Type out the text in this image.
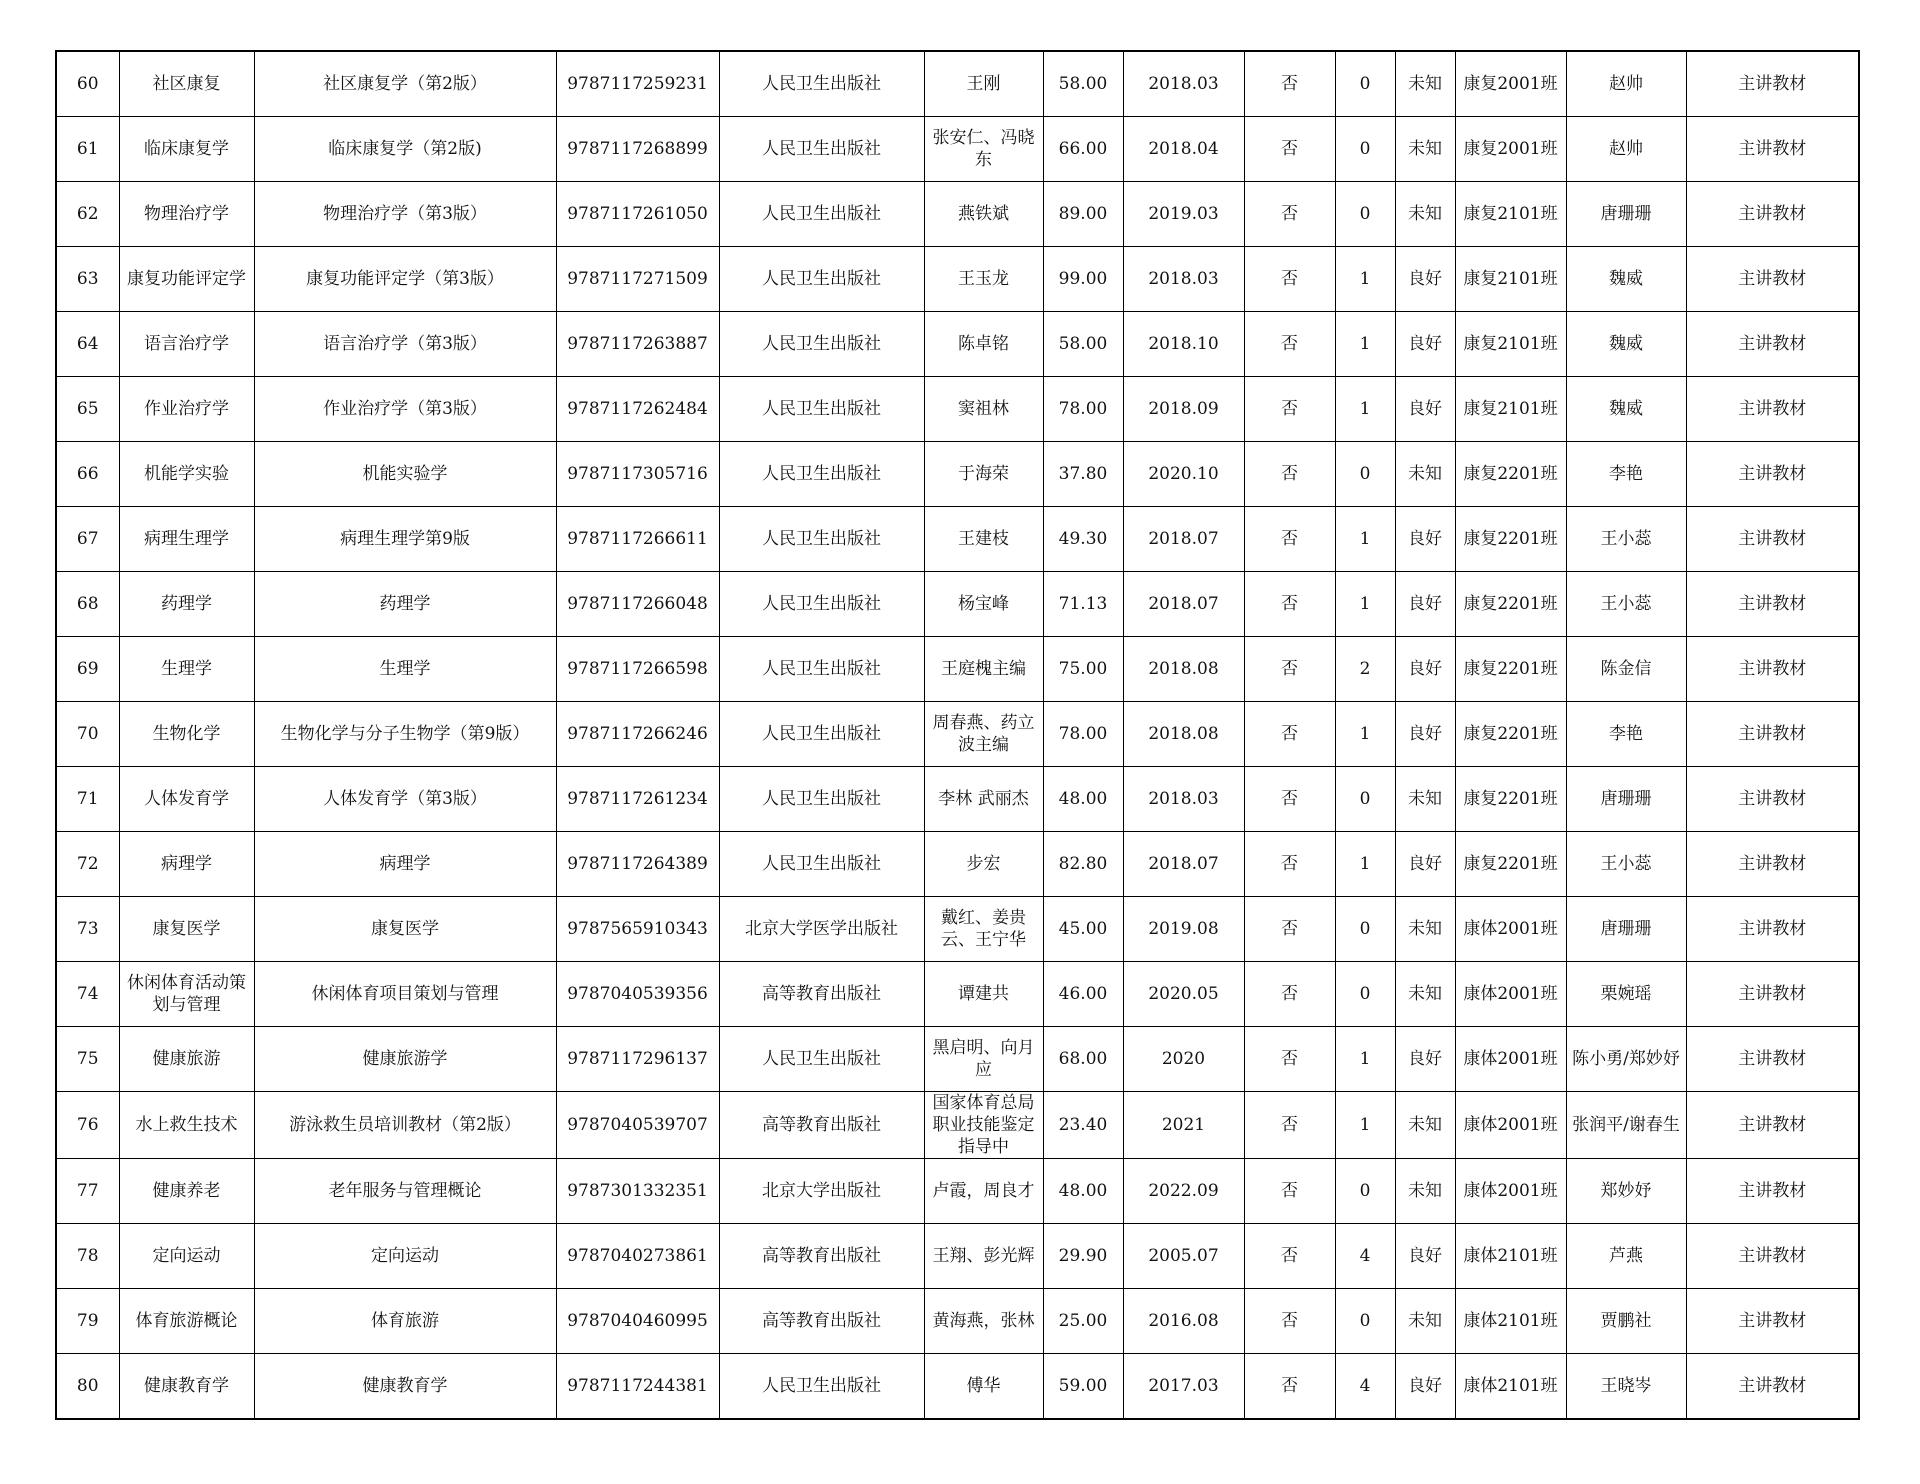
60	社区康复	社区康复学（第2版）	9787117259231	人民卫生出版社	王刚	58.00	2018.03	否	0	未知	康复2001班	赵帅	主讲教材
61	临床康复学	临床康复学（第2版)	9787117268899	人民卫生出版社	张安仁、冯晓东	66.00	2018.04	否	0	未知	康复2001班	赵帅	主讲教材
62	物理治疗学	物理治疗学（第3版）	9787117261050	人民卫生出版社	燕铁斌	89.00	2019.03	否	0	未知	康复2101班	唐珊珊	主讲教材
63	康复功能评定学	康复功能评定学（第3版）	9787117271509	人民卫生出版社	王玉龙	99.00	2018.03	否	1	良好	康复2101班	魏威	主讲教材
64	语言治疗学	语言治疗学（第3版）	9787117263887	人民卫生出版社	陈卓铭	58.00	2018.10	否	1	良好	康复2101班	魏威	主讲教材
65	作业治疗学	作业治疗学（第3版）	9787117262484	人民卫生出版社	窦祖林	78.00	2018.09	否	1	良好	康复2101班	魏威	主讲教材
66	机能学实验	机能实验学	9787117305716	人民卫生出版社	于海荣	37.80	2020.10	否	0	未知	康复2201班	李艳	主讲教材
67	病理生理学	病理生理学第9版	9787117266611	人民卫生出版社	王建枝	49.30	2018.07	否	1	良好	康复2201班	王小蕊	主讲教材
68	药理学	药理学	9787117266048	人民卫生出版社	杨宝峰	71.13	2018.07	否	1	良好	康复2201班	王小蕊	主讲教材
69	生理学	生理学	9787117266598	人民卫生出版社	王庭槐主编	75.00	2018.08	否	2	良好	康复2201班	陈金信	主讲教材
70	生物化学	生物化学与分子生物学（第9版）	9787117266246	人民卫生出版社	周春燕、药立波主编	78.00	2018.08	否	1	良好	康复2201班	李艳	主讲教材
71	人体发育学	人体发育学（第3版）	9787117261234	人民卫生出版社	李林 武丽杰	48.00	2018.03	否	0	未知	康复2201班	唐珊珊	主讲教材
72	病理学	病理学	9787117264389	人民卫生出版社	步宏	82.80	2018.07	否	1	良好	康复2201班	王小蕊	主讲教材
73	康复医学	康复医学	9787565910343	北京大学医学出版社	戴红、姜贵云、王宁华	45.00	2019.08	否	0	未知	康体2001班	唐珊珊	主讲教材
74	休闲体育活动策划与管理	休闲体育项目策划与管理	9787040539356	高等教育出版社	谭建共	46.00	2020.05	否	0	未知	康体2001班	栗婉瑶	主讲教材
75	健康旅游	健康旅游学	9787117296137	人民卫生出版社	黑启明、向月应	68.00	2020	否	1	良好	康体2001班	陈小勇/郑妙妤	主讲教材
76	水上救生技术	游泳救生员培训教材（第2版）	9787040539707	高等教育出版社	国家体育总局职业技能鉴定指导中	23.40	2021	否	1	未知	康体2001班	张润平/谢春生	主讲教材
77	健康养老	老年服务与管理概论	9787301332351	北京大学出版社	卢霞，周良才	48.00	2022.09	否	0	未知	康体2001班	郑妙妤	主讲教材
78	定向运动	定向运动	9787040273861	高等教育出版社	王翔、彭光辉	29.90	2005.07	否	4	良好	康体2101班	芦燕	主讲教材
79	体育旅游概论	体育旅游	9787040460995	高等教育出版社	黄海燕，张林	25.00	2016.08	否	0	未知	康体2101班	贾鹏社	主讲教材
80	健康教育学	健康教育学	9787117244381	人民卫生出版社	傅华	59.00	2017.03	否	4	良好	康体2101班	王晓岑	主讲教材
